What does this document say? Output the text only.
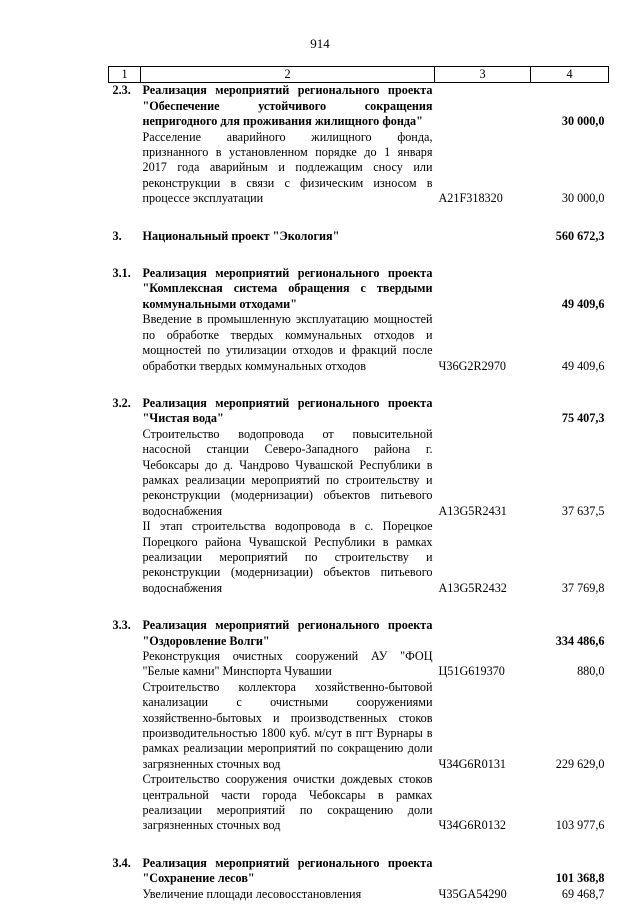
914
1	2	3	4
2.3.	Реализация мероприятий регионального проекта "Обеспечение устойчивого сокращения непригодного для проживания жилищного фонда"		30 000,0
	Расселение аварийного жилищного фонда, признанного в установленном порядке до 1 января 2017 года аварийным и подлежащим сносу или реконструкции в связи с физическим износом в процессе эксплуатации	А21F318320	30 000,0

3.	Национальный проект "Экология"		560 672,3

3.1.	Реализация мероприятий регионального проекта "Комплексная система обращения с твердыми коммунальными отходами"		49 409,6
	Введение в промышленную эксплуатацию мощностей по обработке твердых коммунальных отходов и мощностей по утилизации отходов и фракций после обработки твердых коммунальных отходов	Ч36G2R2970	49 409,6

3.2.	Реализация мероприятий регионального проекта "Чистая вода"		75 407,3
	Строительство водопровода от повысительной насосной станции Северо-Западного района г. Чебоксары до д. Чандрово Чувашской Республики в рамках реализации мероприятий по строительству и реконструкции (модернизации) объектов питьевого водоснабжения	А13G5R2431	37 637,5
	II этап строительства водопровода в с. Порецкое Порецкого района Чувашской Республики в рамках реализации мероприятий по строительству и реконструкции (модернизации) объектов питьевого водоснабжения	А13G5R2432	37 769,8

3.3.	Реализация мероприятий регионального проекта "Оздоровление Волги"		334 486,6
	Реконструкция очистных сооружений АУ "ФОЦ "Белые камни" Минспорта Чувашии	Ц51G619370	880,0
	Строительство коллектора хозяйственно-бытовой канализации с очистными сооружениями хозяйственно-бытовых и производственных стоков производительностью 1800 куб. м/сут в пгт Вурнары в рамках реализации мероприятий по сокращению доли загрязненных сточных вод	Ч34G6R0131	229 629,0
	Строительство сооружения очистки дождевых стоков центральной части города Чебоксары в рамках реализации мероприятий по сокращению доли загрязненных сточных вод	Ч34G6R0132	103 977,6

3.4.	Реализация мероприятий регионального проекта "Сохранение лесов"		101 368,8
	Увеличение площади лесовосстановления	Ч35GA54290	69 468,7
